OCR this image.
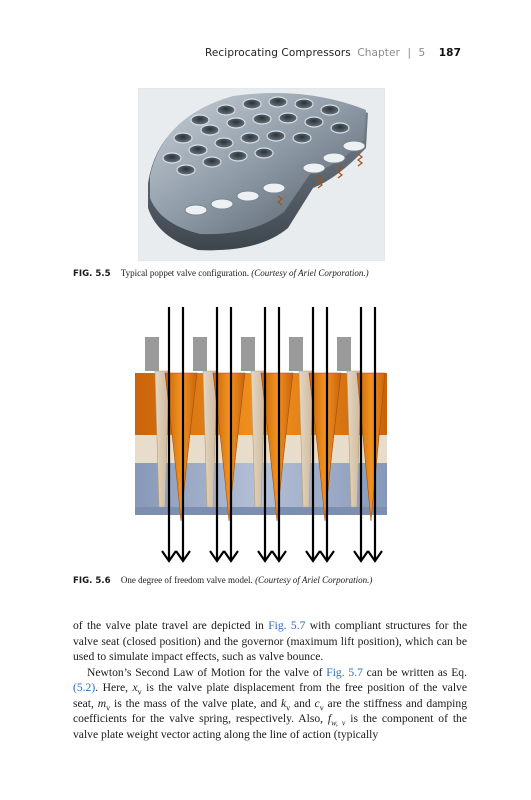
Reciprocating Compressors Chapter | 5 187
FIG. 5.5 Typical poppet valve configuration. (Courtesy of Ariel Corporation.)
FIG. 5.6 One degree of freedom valve model. (Courtesy of Ariel Corporation.)

of the valve plate travel are depicted in Fig. 5.7 with compliant structures for the valve seat (closed position) and the governor (maximum lift position), which can be used to simulate impact effects, such as valve bounce.

Newton’s Second Law of Motion for the valve of Fig. 5.7 can be written as Eq. (5.2). Here, $x_v$ is the valve plate displacement from the free position of the valve seat, $m_v$ is the mass of the valve plate, and $k_v$ and $c_v$ are the stiffness and damping coefficients for the valve spring, respectively. Also, $f_{w, v}$ is the component of the valve plate weight vector acting along the line of action (typically
